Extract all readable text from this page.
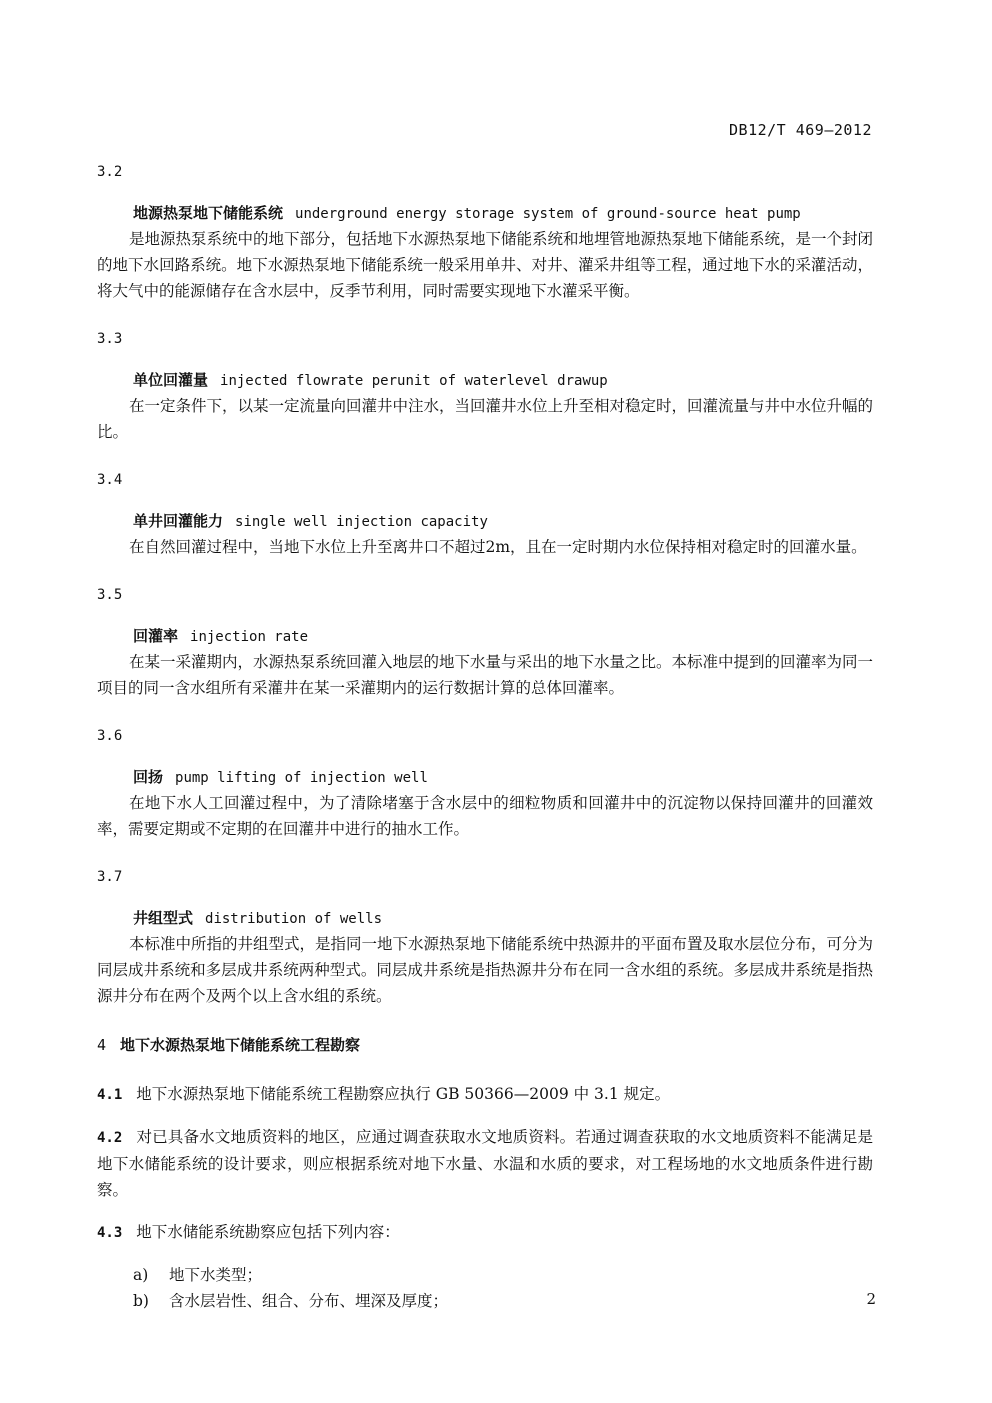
DB12/T 469—2012

3.2

地源热泵地下储能系统 underground energy storage system of ground-source heat pump

是地源热泵系统中的地下部分，包括地下水源热泵地下储能系统和地埋管地源热泵地下储能系统，是一个封闭的地下水回路系统。地下水源热泵地下储能系统一般采用单井、对井、灌采井组等工程，通过地下水的采灌活动，将大气中的能源储存在含水层中，反季节利用，同时需要实现地下水灌采平衡。

3.3

单位回灌量 injected flowrate perunit of waterlevel drawup

在一定条件下，以某一定流量向回灌井中注水，当回灌井水位上升至相对稳定时，回灌流量与井中水位升幅的比。

3.4

单井回灌能力 single well injection capacity

在自然回灌过程中，当地下水位上升至离井口不超过2m，且在一定时期内水位保持相对稳定时的回灌水量。

3.5

回灌率 injection rate

在某一采灌期内，水源热泵系统回灌入地层的地下水量与采出的地下水量之比。本标准中提到的回灌率为同一项目的同一含水组所有采灌井在某一采灌期内的运行数据计算的总体回灌率。

3.6

回扬 pump lifting of injection well

在地下水人工回灌过程中，为了清除堵塞于含水层中的细粒物质和回灌井中的沉淀物以保持回灌井的回灌效率，需要定期或不定期的在回灌井中进行的抽水工作。

3.7

井组型式 distribution of wells

本标准中所指的井组型式，是指同一地下水源热泵地下储能系统中热源井的平面布置及取水层位分布，可分为同层成井系统和多层成井系统两种型式。同层成井系统是指热源井分布在同一含水组的系统。多层成井系统是指热源井分布在两个及两个以上含水组的系统。

4 地下水源热泵地下储能系统工程勘察

4.1 地下水源热泵地下储能系统工程勘察应执行 GB 50366—2009 中 3.1 规定。

4.2 对已具备水文地质资料的地区，应通过调查获取水文地质资料。若通过调查获取的水文地质资料不能满足是地下水储能系统的设计要求，则应根据系统对地下水量、水温和水质的要求，对工程场地的水文地质条件进行勘察。

4.3 地下水储能系统勘察应包括下列内容：

a) 地下水类型；

b) 含水层岩性、组合、分布、埋深及厚度；	2
